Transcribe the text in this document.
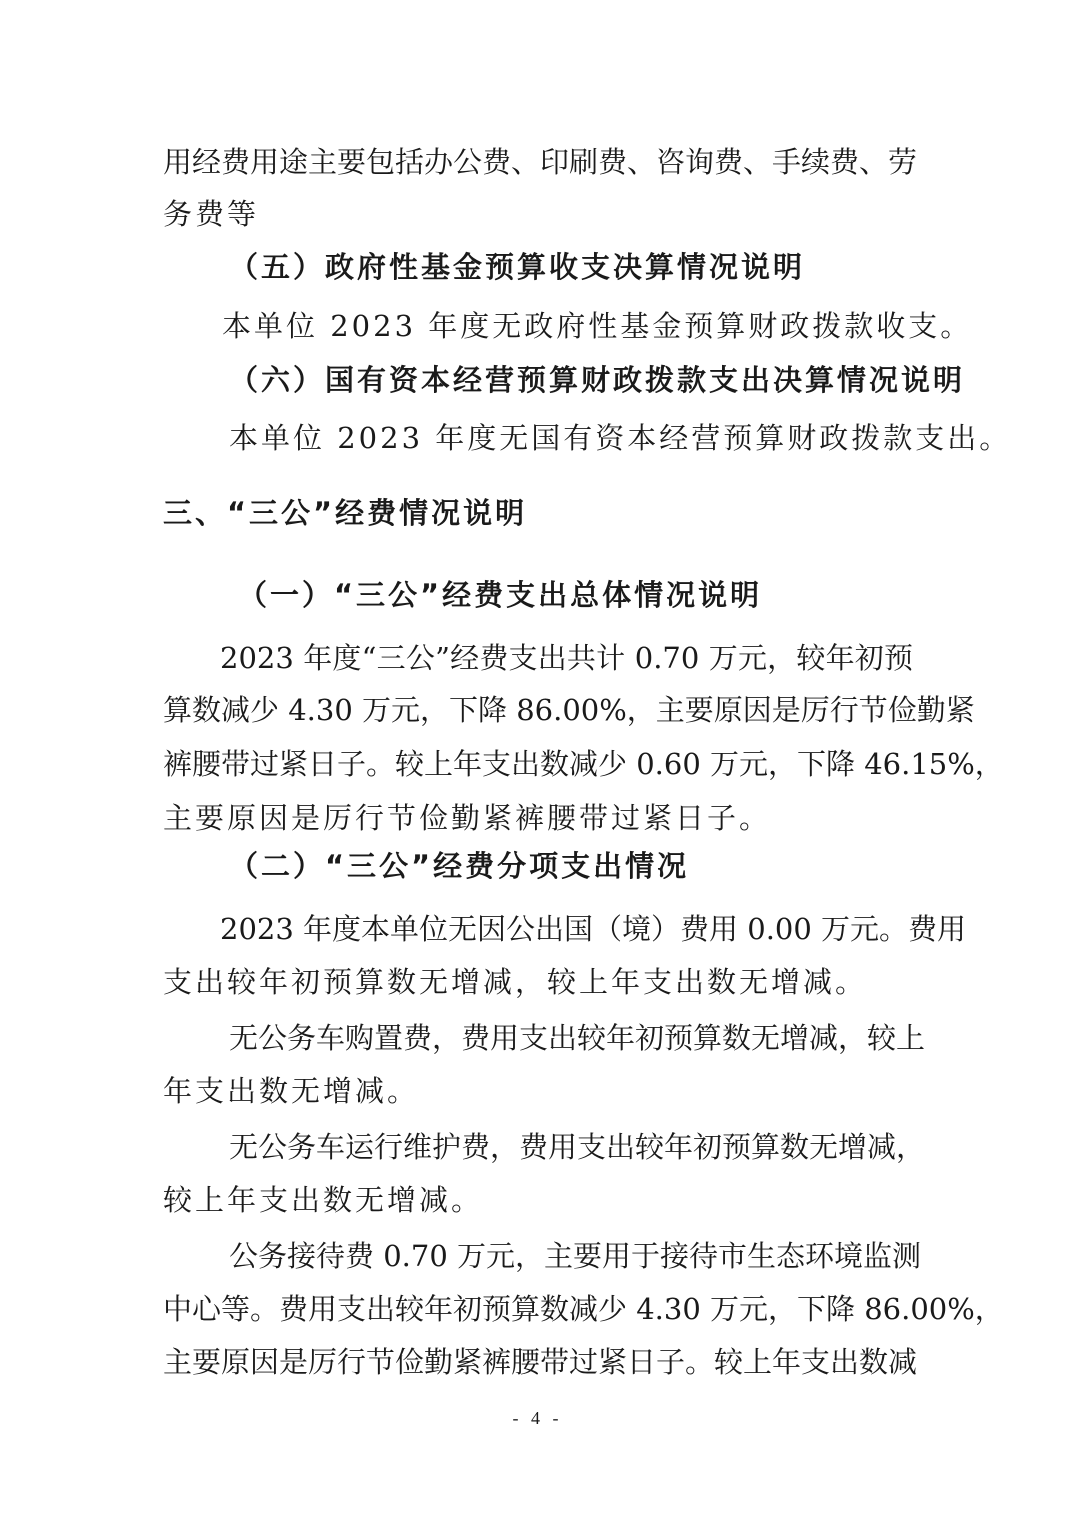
用经费用途主要包括办公费、印刷费、咨询费、手续费、劳
务费等
（五）政府性基金预算收支决算情况说明
本单位 2023 年度无政府性基金预算财政拨款收支。
（六）国有资本经营预算财政拨款支出决算情况说明
本单位 2023 年度无国有资本经营预算财政拨款支出。
三、“三公”经费情况说明
（一）“三公”经费支出总体情况说明
2023 年度“三公”经费支出共计 0.70 万元，较年初预
算数减少 4.30 万元，下降 86.00%，主要原因是厉行节俭勤紧
裤腰带过紧日子。较上年支出数减少 0.60 万元，下降 46.15%，
主要原因是厉行节俭勤紧裤腰带过紧日子。
（二）“三公”经费分项支出情况
2023 年度本单位无因公出国（境）费用 0.00 万元。费用
支出较年初预算数无增减，较上年支出数无增减。
无公务车购置费，费用支出较年初预算数无增减，较上
年支出数无增减。
无公务车运行维护费，费用支出较年初预算数无增减，
较上年支出数无增减。
公务接待费 0.70 万元，主要用于接待市生态环境监测
中心等。费用支出较年初预算数减少 4.30 万元，下降 86.00%，
主要原因是厉行节俭勤紧裤腰带过紧日子。较上年支出数减
- 4 -
